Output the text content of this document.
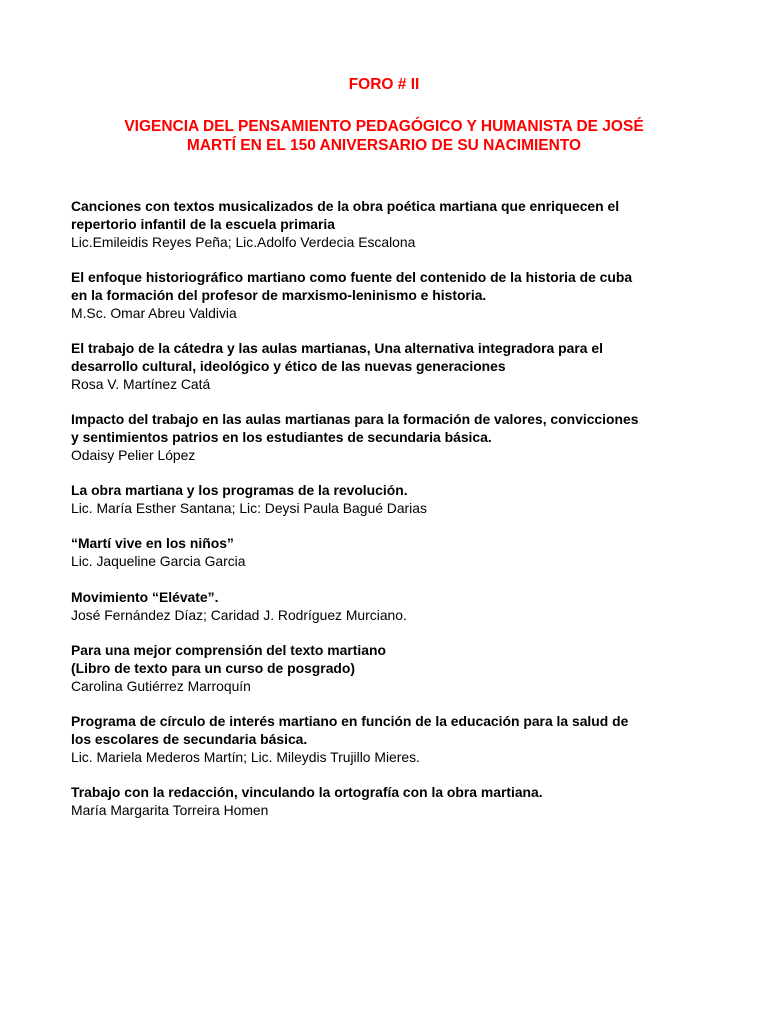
FORO # II
VIGENCIA DEL PENSAMIENTO PEDAGÓGICO Y HUMANISTA DE JOSÉ
MARTÍ EN EL 150 ANIVERSARIO DE SU NACIMIENTO
Canciones con textos musicalizados de la obra poética martiana que enriquecen el
repertorio infantil de la escuela primaria
Lic.Emileidis Reyes Peña; Lic.Adolfo Verdecia Escalona
El enfoque historiográfico martiano como fuente del contenido de la historia de cuba
en la formación del profesor de marxismo-leninismo e historia.
M.Sc. Omar Abreu Valdivia
El trabajo de la cátedra y las aulas martianas, Una alternativa integradora para el
desarrollo cultural, ideológico y ético de las nuevas generaciones
Rosa V. Martínez Catá
Impacto del trabajo en las aulas martianas para la formación de valores, convicciones
y sentimientos patrios en los estudiantes de secundaria básica.
Odaisy Pelier López
La obra martiana y los programas de la revolución.
Lic. María Esther Santana; Lic: Deysi Paula Bagué Darias
“Martí vive en los niños”
Lic. Jaqueline Garcia Garcia
Movimiento “Elévate”.
José Fernández Díaz; Caridad J. Rodríguez Murciano.
Para una mejor comprensión del texto martiano
(Libro de texto para un curso de posgrado)
Carolina Gutiérrez Marroquín
Programa de círculo de interés martiano en función de la educación para la salud de
los escolares de secundaria básica.
Lic. Mariela Mederos Martín; Lic. Mileydis Trujillo Mieres.
Trabajo con la redacción, vinculando la ortografía con la obra martiana.
María Margarita Torreira Homen
